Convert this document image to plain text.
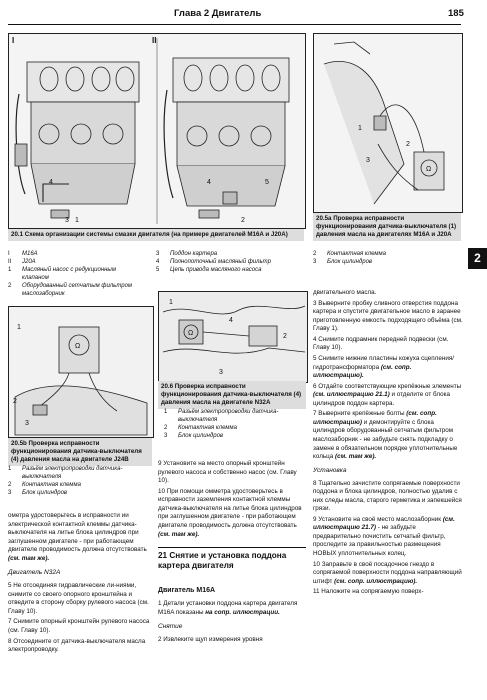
Глава 2 Двигатель	185
3 1
4	4
2
5
I	II
20.1 Схема организации системы смазки двигателя (на примере двигателей M16A и J20A)
I M16A
II J20A
1 Масляный насос с редукционным
клапаном
2 Оборудованный сетчатым фильтром
маслозаборник
3 Поддон картера
4 Полнопоточный масляный фильтр
5 Цепь привода масляного насоса
1
3
2
Ω
20.5а Проверка исправности функционирования датчика-выключателя (1) давления масла на двигателях M16A и J20A
2 Контактная клемма
3 Блок цилиндров	2
1
2
3
Ω
20.5b Проверка исправности функционирования датчика-выключателя (4) давления масла на двигателе J24B
1 Разъём электропроводки датчика-
выключателя
2 Контактная клемма
3 Блок цилиндров

ометра удостоверьтесь в исправности ии электрической контактной клеммы датчика-выключателя на литье блока цилиндров при заглушенном двигателе - при работающем двигателе проводимость должна отсутствовать (см. там же).

Двигатель N32A

5 Не отсоединяя гидравлические ли-ниями, снимите со своего опорного кронштейна и отведите в сторону сборку рулевого насоса (см. Главу 10).

7 Снимите опорный кронштейн рулевого насоса (см. Главу 10).

8 Отсоедините от датчика-выключателя масла электропроводку.

1
4
2
3
Ω
20.6 Проверка исправности функционирования датчика-выключателя (4) давления масла на двигателе N32A
1 Разъём электропроводки датчика-
выключателя
2 Контактная клемма
3 Блок цилиндров

9 Установите на место опорный кронштейн рулевого насоса и собственно насос (см. Главу 10).

10 При помощи омметра удостоверьтесь в исправности заземления контактной клеммы датчика-выключателя на литье блока цилиндров при заглушенном двигателе - при работающем двигателе проводимость должна отсутствовать (см. там же).

21 Снятие и установка поддона картера двигателя
Двигатель M16A

1 Детали установки поддона картера двигателя M16A показаны на сопр. иллюстрации.

Снятие

2 Извлеките щуп измерения уровня

двигательного масла.

3 Выверните пробку сливного отверстия поддона картера и спустите двигательное масло в заранее приготовленную емкость подходящего объёма (см. Главу 1).

4 Снимите подрамник передней подвески (см. Главу 10).

5 Снимите нижние пластины кожуха сцепления/гидротрансформатора (см. сопр. иллюстрацию).

6 Отдайте соответствующие крепёжные элементы (см. иллюстрацию 21.1) и отделите от блока цилиндров поддон картера.

7 Выверните крепёжные болты (см. сопр. иллюстрацию) и демонтируйте с блока цилиндров оборудованный сетчатым фильтром маслозаборник - не забудьте снять подкладку о замене в обязательном порядке уплотнительные кольца (см. там же).

Установка

8 Тщательно зачистите сопрягаемые поверхности поддона и блока цилиндров, полностью удалив с них следы масла, старого герметика и запекшейся грязи.

9 Установите на своё место маслозаборник (см. иллюстрацию 21.7) - не забудьте предварительно почистить сетчатый фильтр, проследите за правильностью размещения НОВЫХ уплотнительных колец.

10 Заправьте в своё посадочное гнездо в сопрягаемой поверхности поддона направляющий штифт (см. сопр. иллюстрацию).

11 Наложите на сопрягаемую поверх-
